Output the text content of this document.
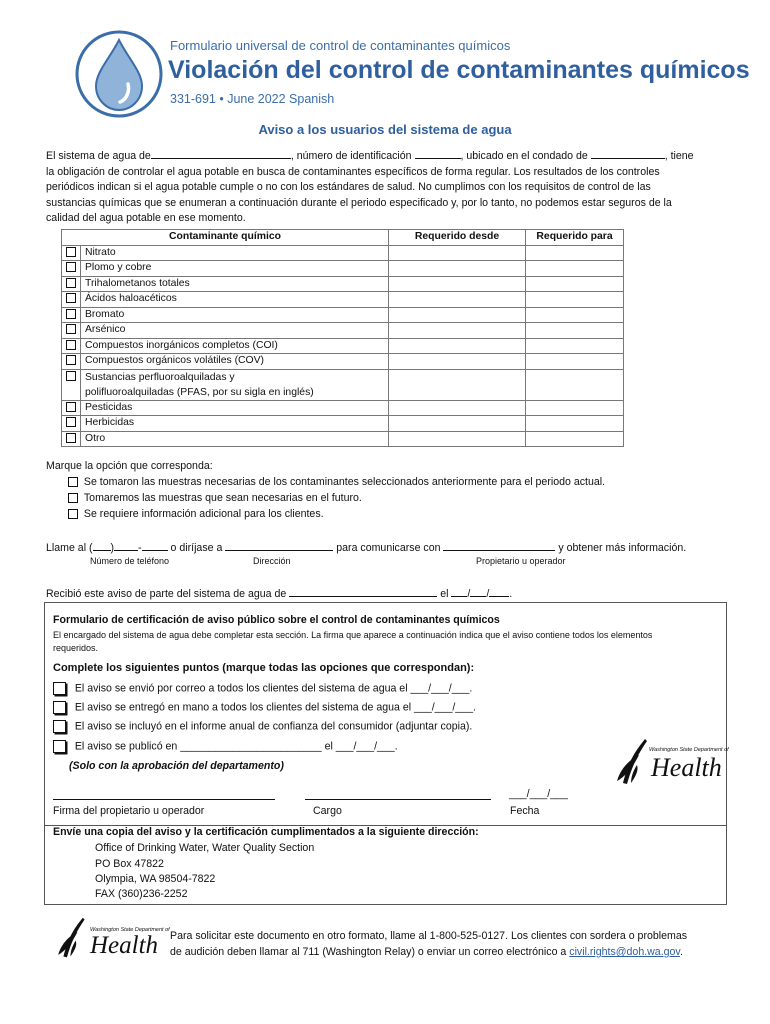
Formulario universal de control de contaminantes químicos
Violación del control de contaminantes químicos
331-691 • June 2022 Spanish
Aviso a los usuarios del sistema de agua
El sistema de agua de	, número de identificación	, ubicado en el condado de	, tiene
la obligación de controlar el agua potable en busca de contaminantes específicos de forma regular. Los resultados de los controles
periódicos indican si el agua potable cumple o no con los estándares de salud. No cumplimos con los requisitos de control de las
sustancias químicas que se enumeran a continuación durante el periodo especificado y, por lo tanto, no podemos estar seguros de la
calidad del agua potable en ese momento.
Contaminante químico		Requerido desde	Requerido para
	Nitrato		
	Plomo y cobre		
	Trihalometanos totales		
	Ácidos haloacéticos		
	Bromato		
	Arsénico		
	Compuestos inorgánicos completos (COI)		
	Compuestos orgánicos volátiles (COV)		

	Sustancias perfluoroalquiladas y
polifluoroalquiladas (PFAS, por su sigla en inglés)		

	Pesticidas		
	Herbicidas		
	Otro		
Marque la opción que corresponda:
Se tomaron las muestras necesarias de los contaminantes seleccionados anteriormente para el periodo actual.
Tomaremos las muestras que sean necesarias en el futuro.
Se requiere información adicional para los clientes.
Llame al ( ) -	o diríjase a	para comunicarse con	y obtener más información.
Número de teléfono	Dirección	Propietario u operador
Recibió este aviso de parte del sistema de agua de	el / / .
Formulario de certificación de aviso público sobre el control de contaminantes químicos
El encargado del sistema de agua debe completar esta sección. La firma que aparece a continuación indica que el aviso contiene todos los elementos
requeridos.
Complete los siguientes puntos (marque todas las opciones que correspondan):
El aviso se envió por correo a todos los clientes del sistema de agua el ___/___/___.
El aviso se entregó en mano a todos los clientes del sistema de agua el ___/___/___.
El aviso se incluyó en el informe anual de confianza del consumidor (adjuntar copia).
El aviso se publicó en ________________________ el ___/___/___.
(Solo con la aprobación del departamento)
Washington State Department of
Health
___/___/___
Firma del propietario u operador	Cargo	Fecha
Envíe una copia del aviso y la certificación cumplimentados a la siguiente dirección:
Office of Drinking Water, Water Quality Section
PO Box 47822
Olympia, WA 98504-7822
FAX (360)236-2252
Washington State Department of
Health Para solicitar este documento en otro formato, llame al 1-800-525-0127. Los clientes con sordera o problemas
de audición deben llamar al 711 (Washington Relay) o enviar un correo electrónico a civil.rights@doh.wa.gov.
